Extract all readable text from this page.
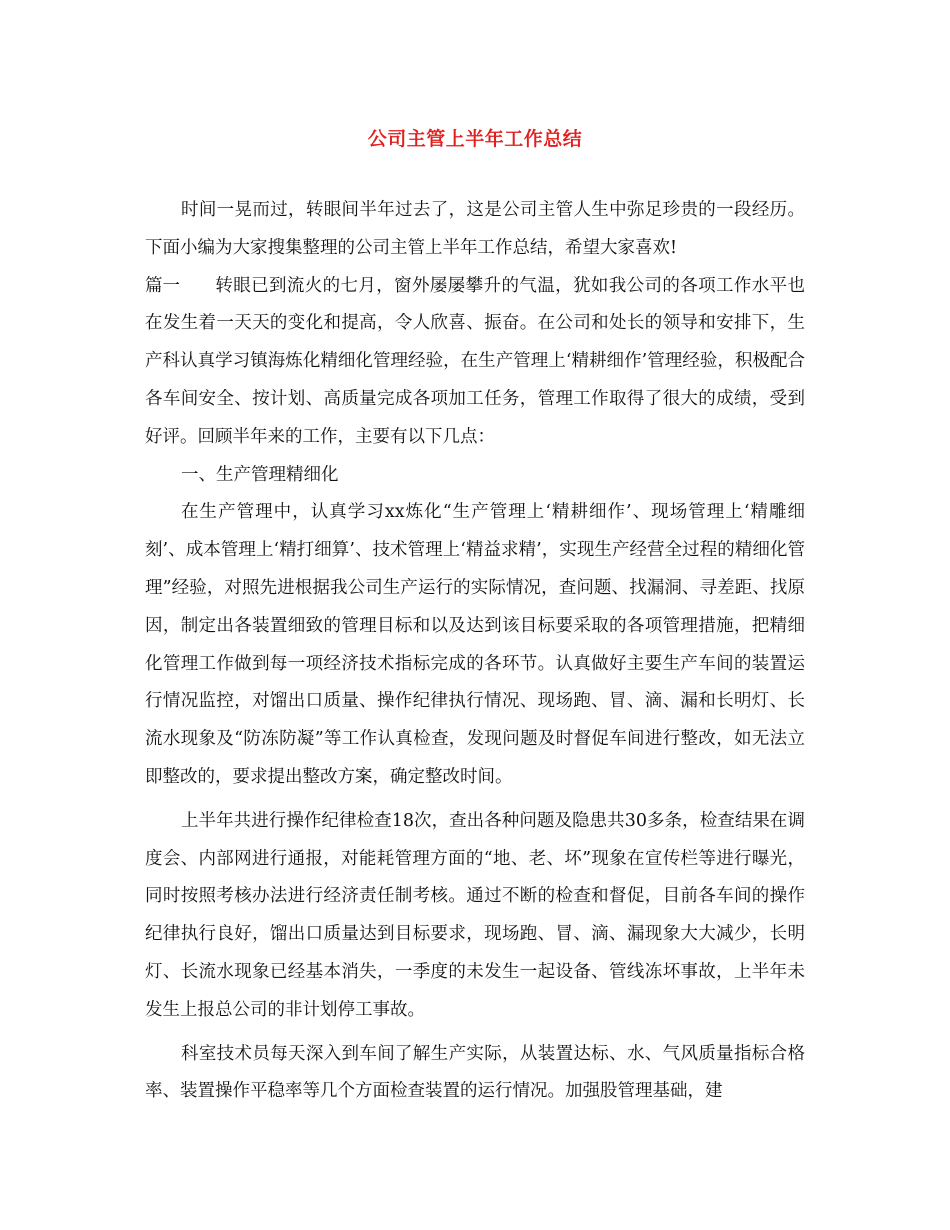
公司主管上半年工作总结

时间一晃而过，转眼间半年过去了，这是公司主管人生中弥足珍贵的一段经历。下面小编为大家搜集整理的公司主管上半年工作总结，希望大家喜欢!

篇一 转眼已到流火的七月，窗外屡屡攀升的气温，犹如我公司的各项工作水平也在发生着一天天的变化和提高，令人欣喜、振奋。在公司和处长的领导和安排下，生产科认真学习镇海炼化精细化管理经验，在生产管理上‘精耕细作’管理经验，积极配合各车间安全、按计划、高质量完成各项加工任务，管理工作取得了很大的成绩，受到好评。回顾半年来的工作，主要有以下几点：

一、生产管理精细化

在生产管理中，认真学习xx炼化“生产管理上‘精耕细作’、现场管理上‘精雕细刻’、成本管理上‘精打细算’、技术管理上‘精益求精’，实现生产经营全过程的精细化管理”经验，对照先进根据我公司生产运行的实际情况，查问题、找漏洞、寻差距、找原因，制定出各装置细致的管理目标和以及达到该目标要采取的各项管理措施，把精细化管理工作做到每一项经济技术指标完成的各环节。认真做好主要生产车间的装置运行情况监控，对馏出口质量、操作纪律执行情况、现场跑、冒、滴、漏和长明灯、长流水现象及“防冻防凝”等工作认真检查，发现问题及时督促车间进行整改，如无法立即整改的，要求提出整改方案，确定整改时间。

上半年共进行操作纪律检查18次，查出各种问题及隐患共30多条，检查结果在调度会、内部网进行通报，对能耗管理方面的“地、老、坏”现象在宣传栏等进行曝光，同时按照考核办法进行经济责任制考核。通过不断的检查和督促，目前各车间的操作纪律执行良好，馏出口质量达到目标要求，现场跑、冒、滴、漏现象大大减少，长明灯、长流水现象已经基本消失，一季度的未发生一起设备、管线冻坏事故，上半年未发生上报总公司的非计划停工事故。

科室技术员每天深入到车间了解生产实际，从装置达标、水、气风质量指标合格率、装置操作平稳率等几个方面检查装置的运行情况。加强股管理基础，建
